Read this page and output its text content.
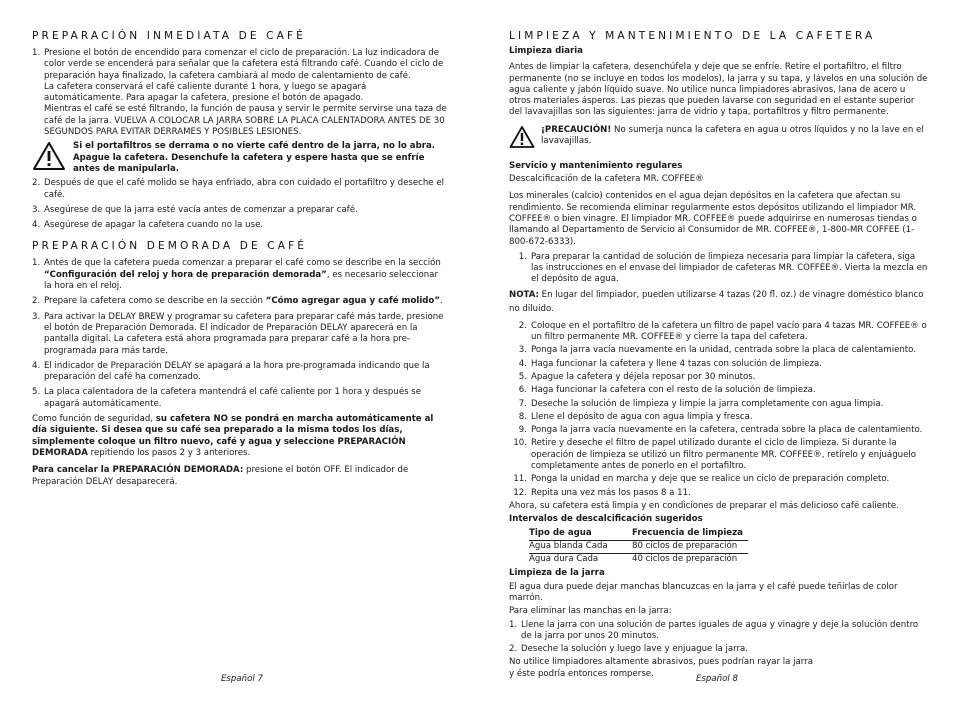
PREPARACIÓN INMEDIATA DE CAFÉ
1. Presione el botón de encendido para comenzar el ciclo de preparación. La luz indicadora de color verde se encenderá para señalar que la cafetera está filtrando café. Cuando el ciclo de preparación haya finalizado, la cafetera cambiará al modo de calentamiento de café.

La cafetera conservará el café caliente durante 1 hora, y luego se apagará automáticamente. Para apagar la cafetera, presione el botón de apagado.

Mientras el café se esté filtrando, la función de pausa y servir le permite servirse una taza de café de la jarra. VUELVA A COLOCAR LA JARRA SOBRE LA PLACA CALENTADORA ANTES DE 30 SEGUNDOS PARA EVITAR DERRAMES Y POSIBLES LESIONES.

Si el portafiltros se derrama o no vierte café dentro de la jarra, no lo abra. Apague la cafetera. Desenchufe la cafetera y espere hasta que se enfríe antes de manipularla.

2. Después de que el café molido se haya enfriado, abra con cuidado el portafiltro y deseche el café.
3. Asegúrese de que la jarra esté vacía antes de comenzar a preparar café.
4. Asegúrese de apagar la cafetera cuando no la use.
PREPARACIÓN DEMORADA DE CAFÉ
1. Antes de que la cafetera pueda comenzar a preparar el café como se describe en la sección “Configuración del reloj y hora de preparación demorada”, es necesario seleccionar la hora en el reloj.
2. Prepare la cafetera como se describe en la sección “Cómo agregar agua y café molido”.
3. Para activar la DELAY BREW y programar su cafetera para preparar café más tarde, presione el botón de Preparación Demorada. El indicador de Preparación DELAY aparecerá en la pantalla digital. La cafetera está ahora programada para preparar café a la hora pre-programada para más tarde.
4. El indicador de Preparación DELAY se apagará a la hora pre-programada indicando que la preparación del café ha comenzado.
5. La placa calentadora de la cafetera mantendrá el café caliente por 1 hora y después se apagará automáticamente.

Como función de seguridad, su cafetera NO se pondrá en marcha automáticamente al día siguiente. Si desea que su café sea preparado a la misma todos los días, simplemente coloque un filtro nuevo, café y agua y seleccione PREPARACIÓN DEMORADA repitiendo los pasos 2 y 3 anteriores.

Para cancelar la PREPARACIÓN DEMORADA: presione el botón OFF. El indicador de Preparación DELAY desaparecerá.

Español 7
LIMPIEZA Y MANTENIMIENTO DE LA CAFETERA

Limpieza diaria

Antes de limpiar la cafetera, desenchúfela y deje que se enfríe. Retire el portafiltro, el filtro permanente (no se incluye en todos los modelos), la jarra y su tapa, y lávelos en una solución de agua caliente y jabón líquido suave. No utilice nunca limpiadores abrasivos, lana de acero u otros materiales ásperos. Las piezas que pueden lavarse con seguridad en el estante superior del lavavajillas son las siguientes: jarra de vidrio y tapa, portafiltros y filtro permanente.

¡PRECAUCIÓN! No sumerja nunca la cafetera en agua u otros líquidos y no la lave en el lavavajillas.

Servicio y mantenimiento regulares

Descalcificación de la cafetera MR. COFFEE®

Los minerales (calcio) contenidos en el agua dejan depósitos en la cafetera que afectan su rendimiento. Se recomienda eliminar regularmente estos depósitos utilizando el limpiador MR. COFFEE® o bien vinagre. El limpiador MR. COFFEE® puede adquirirse en numerosas tiendas o llamando al Departamento de Servicio al Consumidor de MR. COFFEE®, 1-800-MR COFFEE (1-800-672-6333).

1. Para preparar la cantidad de solución de limpieza necesaria para limpiar la cafetera, siga las instrucciones en el envase del limpiador de cafeteras MR. COFFEE®. Vierta la mezcla en el depósito de agua.

NOTA: En lugar del limpiador, pueden utilizarse 4 tazas (20 fl. oz.) de vinagre doméstico blanco no diluido.

2. Coloque en el portafiltro de la cafetera un filtro de papel vacío para 4 tazas MR. COFFEE® o un filtro permanente MR. COFFEE® y cierre la tapa del cafetera.
3. Ponga la jarra vacía nuevamente en la unidad, centrada sobre la placa de calentamiento.
4. Haga funcionar la cafetera y llene 4 tazas con solución de limpieza.
5. Apague la cafetera y déjela reposar por 30 minutos.
6. Haga funcionar la cafetera con el resto de la solución de limpieza.
7. Deseche la solución de limpieza y limpie la jarra completamente con agua limpia.
8. Llene el depósito de agua con agua limpia y fresca.
9. Ponga la jarra vacía nuevamente en la cafetera, centrada sobre la placa de calentamiento.
10. Retire y deseche el filtro de papel utilizado durante el ciclo de limpieza. Si durante la operación de limpieza se utilizó un filtro permanente MR. COFFEE®, retírelo y enjuáguelo completamente antes de ponerlo en el portafiltro.
11. Ponga la unidad en marcha y deje que se realice un ciclo de preparación completo.
12. Repita una vez más los pasos 8 a 11.

Ahora, su cafetera está limpia y en condiciones de preparar el más delicioso café caliente.

Intervalos de descalcificación sugeridos

Tipo de agua	Frecuencia de limpieza
Agua blanda Cada	80 ciclos de preparación
Agua dura Cada	40 ciclos de preparación

Limpieza de la jarra

El agua dura puede dejar manchas blancuzcas en la jarra y el café puede teñirlas de color marrón.

Para eliminar las manchas en la jarra:

1. Llene la jarra con una solución de partes iguales de agua y vinagre y deje la solución dentro de la jarra por unos 20 minutos.
2. Deseche la solución y luego lave y enjuague la jarra.

No utilice limpiadores altamente abrasivos, pues podrían rayar la jarra y éste podría entonces romperse.

Español 8
